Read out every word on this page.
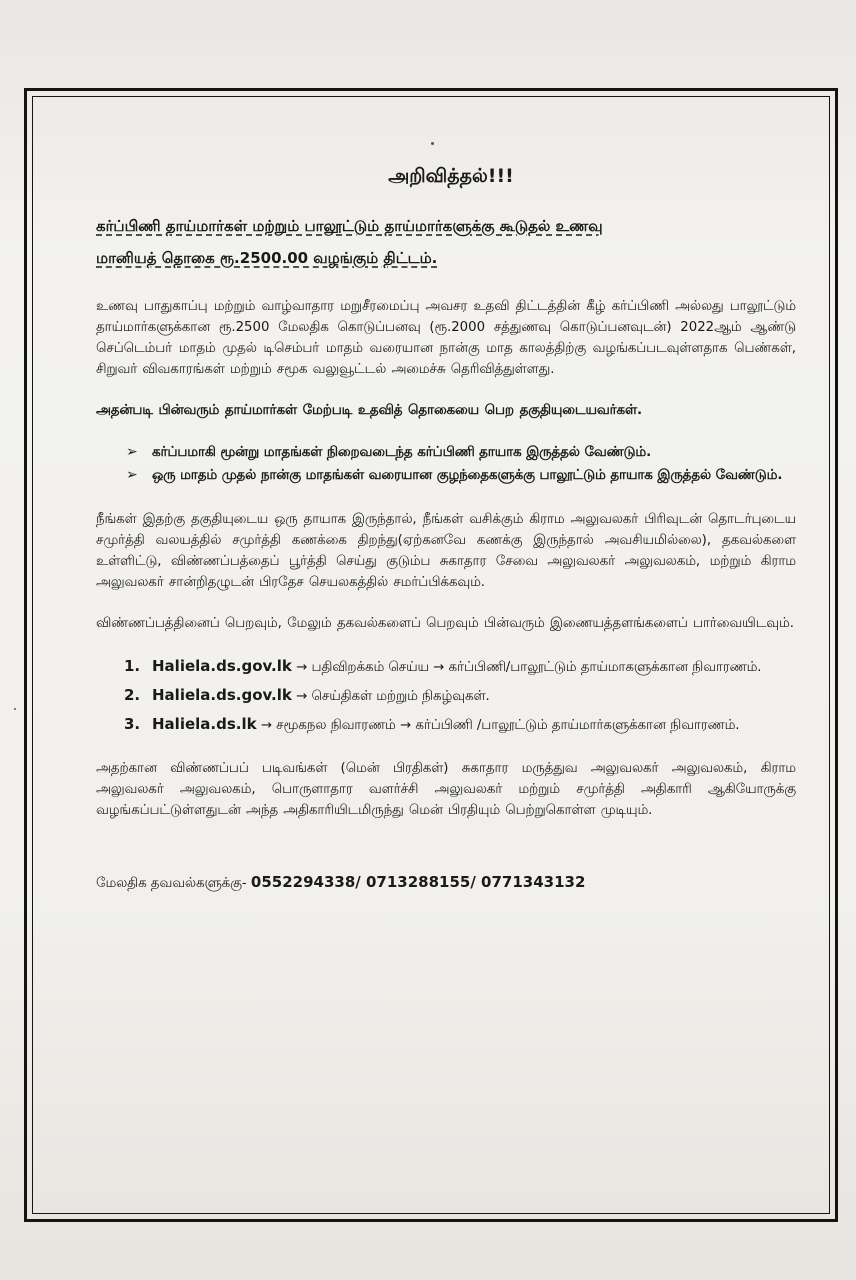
அறிவித்தல்!!!
கர்ப்பிணி தாய்மார்கள் மற்றும் பாலூட்டும் தாய்மார்களுக்கு கூடுதல் உணவு
மானியத் தொகை ரூ.2500.00 வழங்கும் திட்டம்.

உணவு பாதுகாப்பு மற்றும் வாழ்வாதார மறுசீரமைப்பு அவசர உதவி திட்டத்தின் கீழ் கர்ப்பிணி அல்லது பாலூட்டும் தாய்மார்களுக்கான ரூ.2500 மேலதிக கொடுப்பனவு (ரூ.2000 சத்துணவு கொடுப்பனவுடன்) 2022ஆம் ஆண்டு செப்டெம்பர் மாதம் முதல் டிசெம்பர் மாதம் வரையான நான்கு மாத காலத்திற்கு வழங்கப்படவுள்ளதாக பெண்கள், சிறுவர் விவகாரங்கள் மற்றும் சமூக வலுவூட்டல் அமைச்சு தெரிவித்துள்ளது.

அதன்படி பின்வரும் தாய்மார்கள் மேற்படி உதவித் தொகையை பெற தகுதியுடையவர்கள்.

➢ கர்ப்பமாகி மூன்று மாதங்கள் நிறைவடைந்த கர்ப்பிணி தாயாக இருத்தல் வேண்டும்.
➢ ஒரு மாதம் முதல் நான்கு மாதங்கள் வரையான குழந்தைகளுக்கு பாலூட்டும் தாயாக இருத்தல் வேண்டும்.

நீங்கள் இதற்கு தகுதியுடைய ஒரு தாயாக இருந்தால், நீங்கள் வசிக்கும் கிராம அலுவலகர் பிரிவுடன் தொடர்புடைய சமுர்த்தி வலயத்தில் சமுர்த்தி கணக்கை திறந்து(ஏற்கனவே கணக்கு இருந்தால் அவசியமில்லை), தகவல்களை உள்ளிட்டு, விண்ணப்பத்தைப் பூர்த்தி செய்து குடும்ப சுகாதார சேவை அலுவலகர் அலுவலகம், மற்றும் கிராம அலுவலகர் சான்றிதழுடன் பிரதேச செயலகத்தில் சமர்ப்பிக்கவும்.

விண்ணப்பத்தினைப் பெறவும், மேலும் தகவல்களைப் பெறவும் பின்வரும் இணையத்தளங்களைப் பார்வையிடவும்.

1. Haliela.ds.gov.lk → பதிவிறக்கம் செய்ய → கர்ப்பிணி/பாலூட்டும் தாய்மாகளுக்கான நிவாரணம்.
2. Haliela.ds.gov.lk → செய்திகள் மற்றும் நிகழ்வுகள்.
3. Haliela.ds.lk → சமூகநல நிவாரணம் → கர்ப்பிணி /பாலூட்டும் தாய்மார்களுக்கான நிவாரணம்.

அதற்கான விண்ணப்பப் படிவங்கள் (மென் பிரதிகள்) சுகாதார மருத்துவ அலுவலகர் அலுவலகம், கிராம அலுவலகர் அலுவலகம், பொருளாதார வளர்ச்சி அலுவலகர் மற்றும் சமுர்த்தி அதிகாரி ஆகியோருக்கு வழங்கப்பட்டுள்ளதுடன் அந்த அதிகாரியிடமிருந்து மென் பிரதியும் பெற்றுகொள்ள முடியும்.

மேலதிக தவவல்களுக்கு- 0552294338/ 0713288155/ 0771343132
